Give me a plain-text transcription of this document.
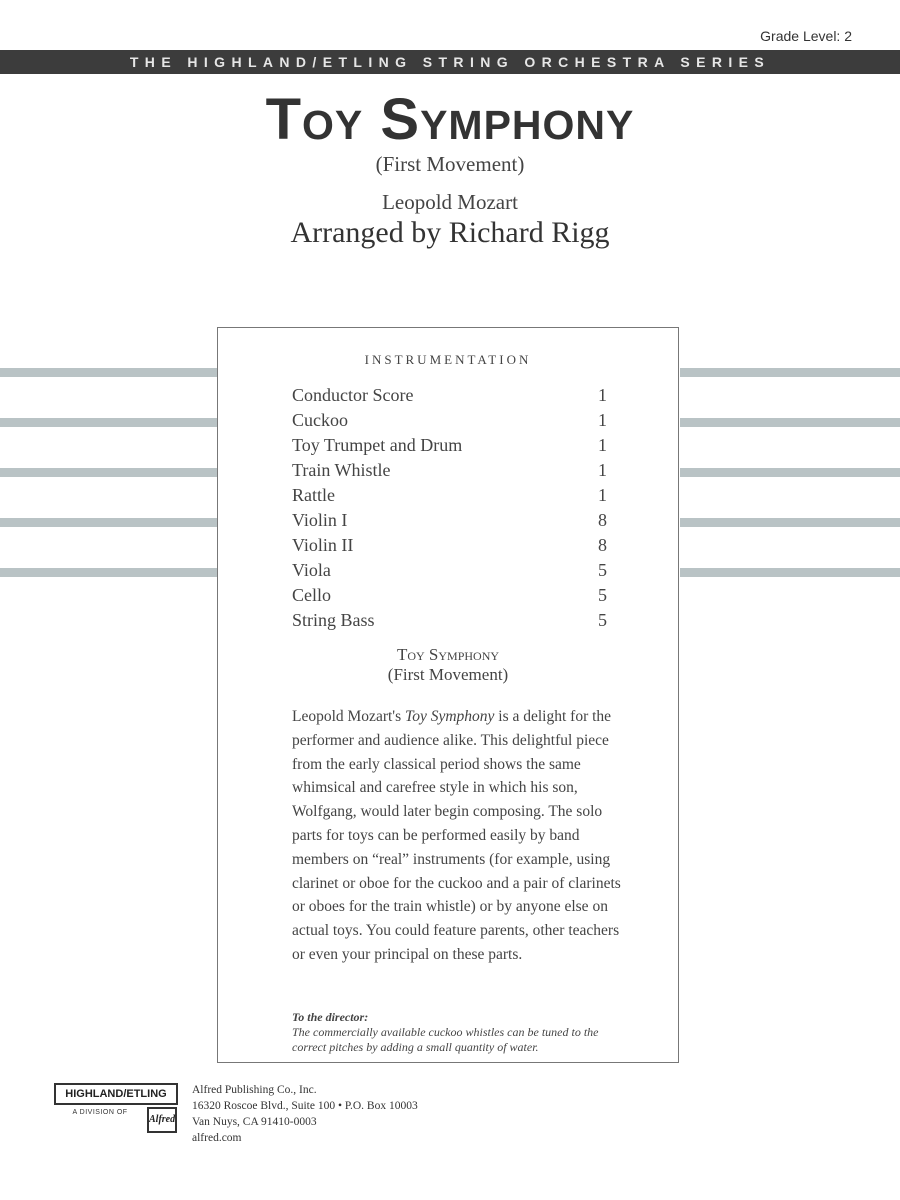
Grade Level: 2
THE HIGHLAND/ETLING STRING ORCHESTRA SERIES
Toy Symphony
(First Movement)
Leopold Mozart
Arranged by Richard Rigg
INSTRUMENTATION
Conductor Score	1
Cuckoo	1
Toy Trumpet and Drum	1
Train Whistle	1
Rattle	1
Violin I	8
Violin II	8
Viola	5
Cello	5
String Bass	5
Toy Symphony
(First Movement)

Leopold Mozart's Toy Symphony is a delight for the performer and audience alike. This delightful piece from the early classical period shows the same whimsical and carefree style in which his son, Wolfgang, would later begin composing. The solo parts for toys can be performed easily by band members on “real” instruments (for example, using clarinet or oboe for the cuckoo and a pair of clarinets or oboes for the train whistle) or by anyone else on actual toys. You could feature parents, other teachers or even your principal on these parts.

To the director:
The commercially available cuckoo whistles can be tuned to the correct pitches by adding a small quantity of water.
HIGHLAND/ETLING
A DIVISION OF
Alfred
Alfred Publishing Co., Inc.
16320 Roscoe Blvd., Suite 100 • P.O. Box 10003
Van Nuys, CA 91410-0003
alfred.com
